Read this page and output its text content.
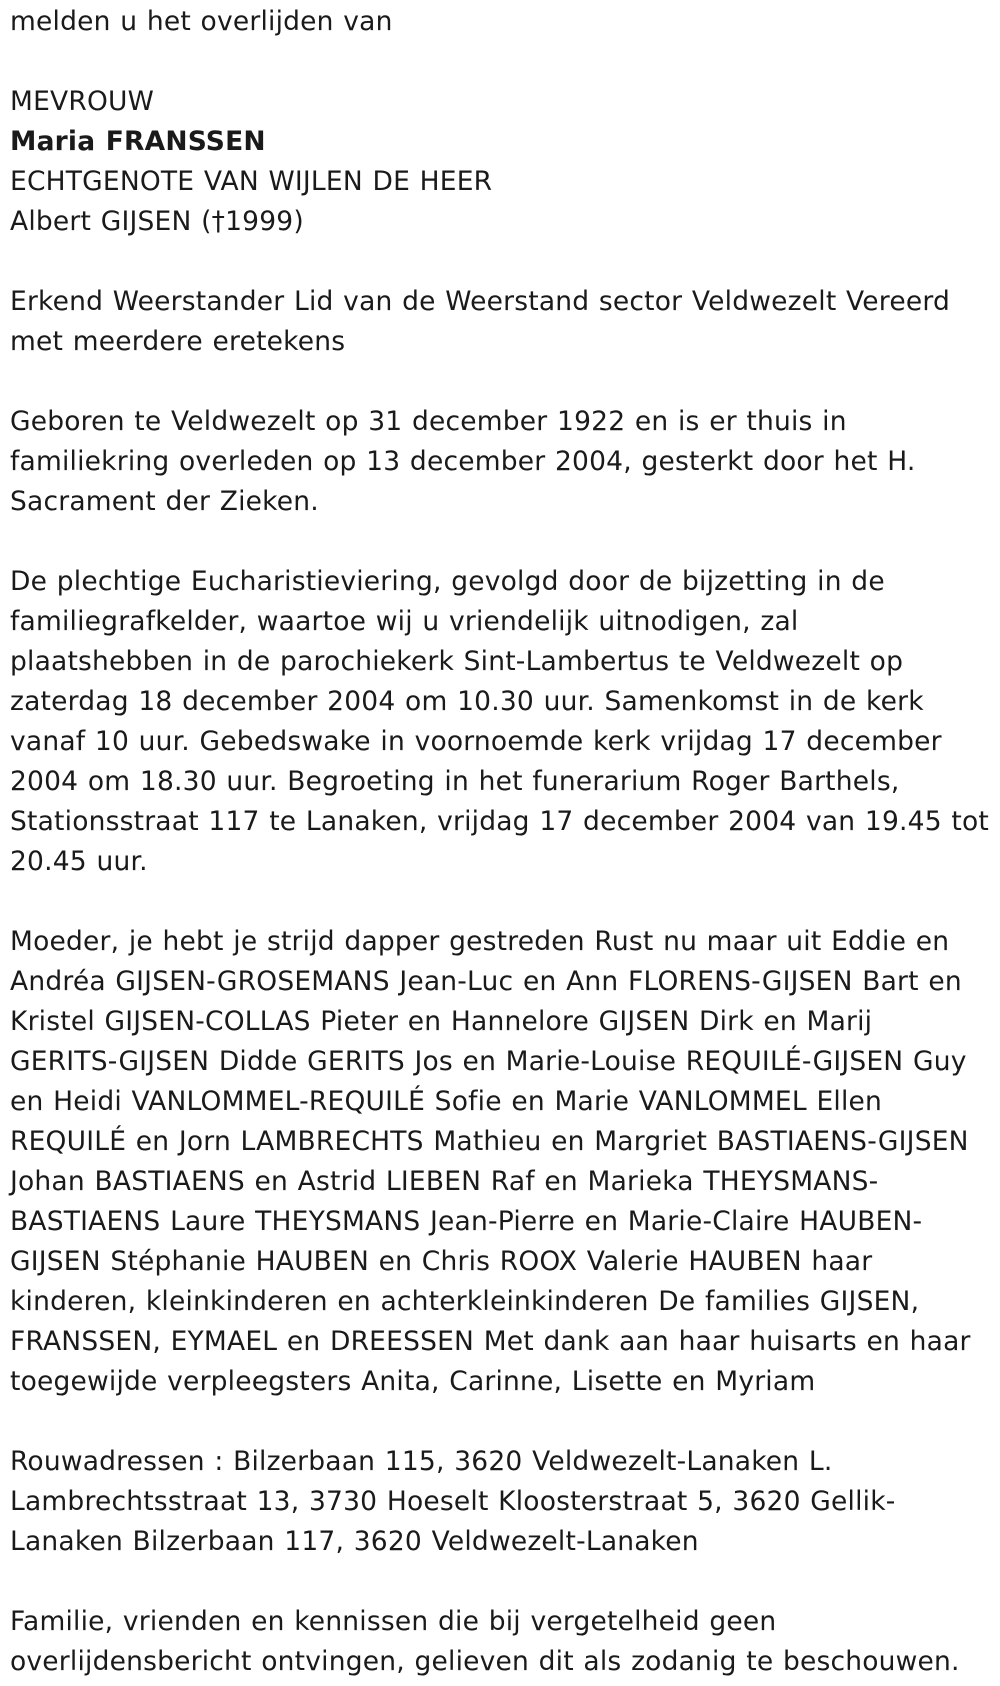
melden u het overlijden van

MEVROUW

Maria FRANSSEN

ECHTGENOTE VAN WIJLEN DE HEER

Albert GIJSEN (†1999)

Erkend Weerstander Lid van de Weerstand sector Veldwezelt Vereerd met meerdere eretekens

Geboren te Veldwezelt op 31 december 1922 en is er thuis in familiekring overleden op 13 december 2004, gesterkt door het H. Sacrament der Zieken.

De plechtige Eucharistieviering, gevolgd door de bijzetting in de familiegrafkelder, waartoe wij u vriendelijk uitnodigen, zal plaatshebben in de parochiekerk Sint-Lambertus te Veldwezelt op zaterdag 18 december 2004 om 10.30 uur. Samenkomst in de kerk vanaf 10 uur. Gebedswake in voornoemde kerk vrijdag 17 december 2004 om 18.30 uur. Begroeting in het funerarium Roger Barthels, Stationsstraat 117 te Lanaken, vrijdag 17 december 2004 van 19.45 tot 20.45 uur.

Moeder, je hebt je strijd dapper gestreden Rust nu maar uit Eddie en Andréa GIJSEN-GROSEMANS Jean-Luc en Ann FLORENS-GIJSEN Bart en Kristel GIJSEN-COLLAS Pieter en Hannelore GIJSEN Dirk en Marij GERITS-GIJSEN Didde GERITS Jos en Marie-Louise REQUILÉ-GIJSEN Guy en Heidi VANLOMMEL-REQUILÉ Sofie en Marie VANLOMMEL Ellen REQUILÉ en Jorn LAMBRECHTS Mathieu en Margriet BASTIAENS-GIJSEN Johan BASTIAENS en Astrid LIEBEN Raf en Marieka THEYSMANS-BASTIAENS Laure THEYSMANS Jean-Pierre en Marie-Claire HAUBEN-GIJSEN Stéphanie HAUBEN en Chris ROOX Valerie HAUBEN haar kinderen, kleinkinderen en achterkleinkinderen De families GIJSEN, FRANSSEN, EYMAEL en DREESSEN Met dank aan haar huisarts en haar toegewijde verpleegsters Anita, Carinne, Lisette en Myriam

Rouwadressen : Bilzerbaan 115, 3620 Veldwezelt-Lanaken L. Lambrechtsstraat 13, 3730 Hoeselt Kloosterstraat 5, 3620 Gellik-Lanaken Bilzerbaan 117, 3620 Veldwezelt-Lanaken

Familie, vrienden en kennissen die bij vergetelheid geen overlijdensbericht ontvingen, gelieven dit als zodanig te beschouwen.
